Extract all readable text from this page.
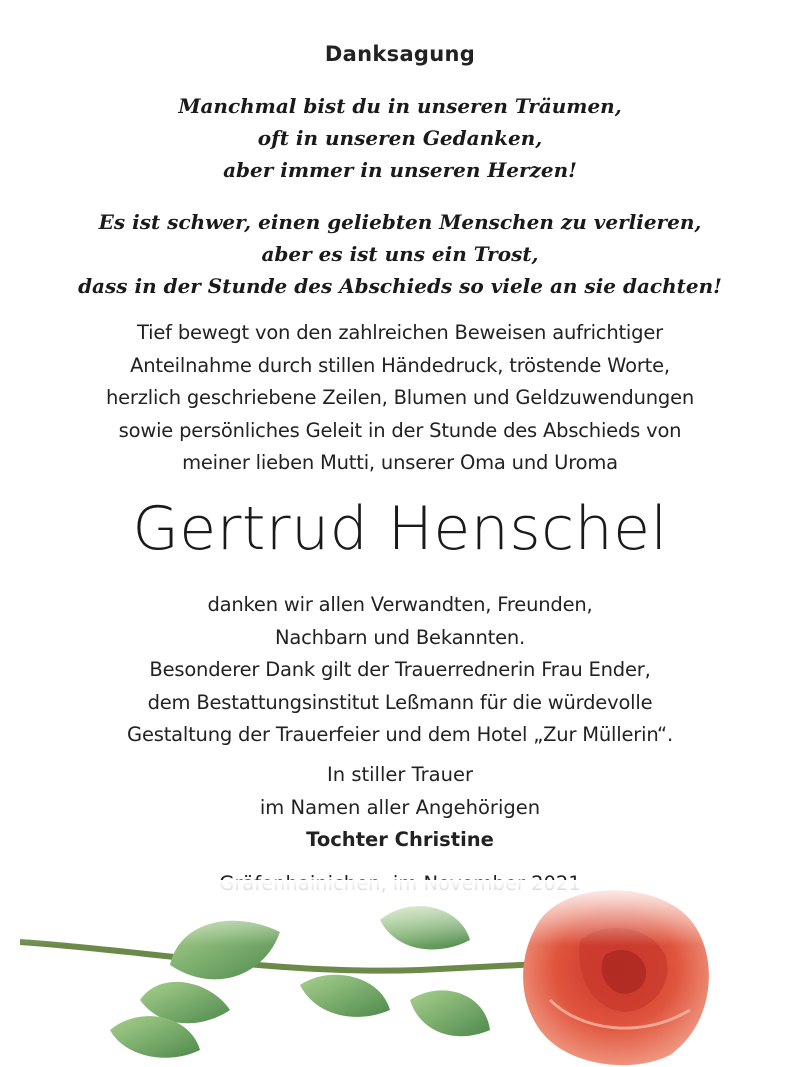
Danksagung
Manchmal bist du in unseren Träumen,
oft in unseren Gedanken,
aber immer in unseren Herzen!
Es ist schwer, einen geliebten Menschen zu verlieren,
aber es ist uns ein Trost,
dass in der Stunde des Abschieds so viele an sie dachten!
Tief bewegt von den zahlreichen Beweisen aufrichtiger
Anteilnahme durch stillen Händedruck, tröstende Worte,
herzlich geschriebene Zeilen, Blumen und Geldzuwendungen
sowie persönliches Geleit in der Stunde des Abschieds von
meiner lieben Mutti, unserer Oma und Uroma
Gertrud Henschel
danken wir allen Verwandten, Freunden,
Nachbarn und Bekannten.
Besonderer Dank gilt der Trauerrednerin Frau Ender,
dem Bestattungsinstitut Leßmann für die würdevolle
Gestaltung der Trauerfeier und dem Hotel „Zur Müllerin“.
In stiller Trauer
im Namen aller Angehörigen
Tochter Christine
